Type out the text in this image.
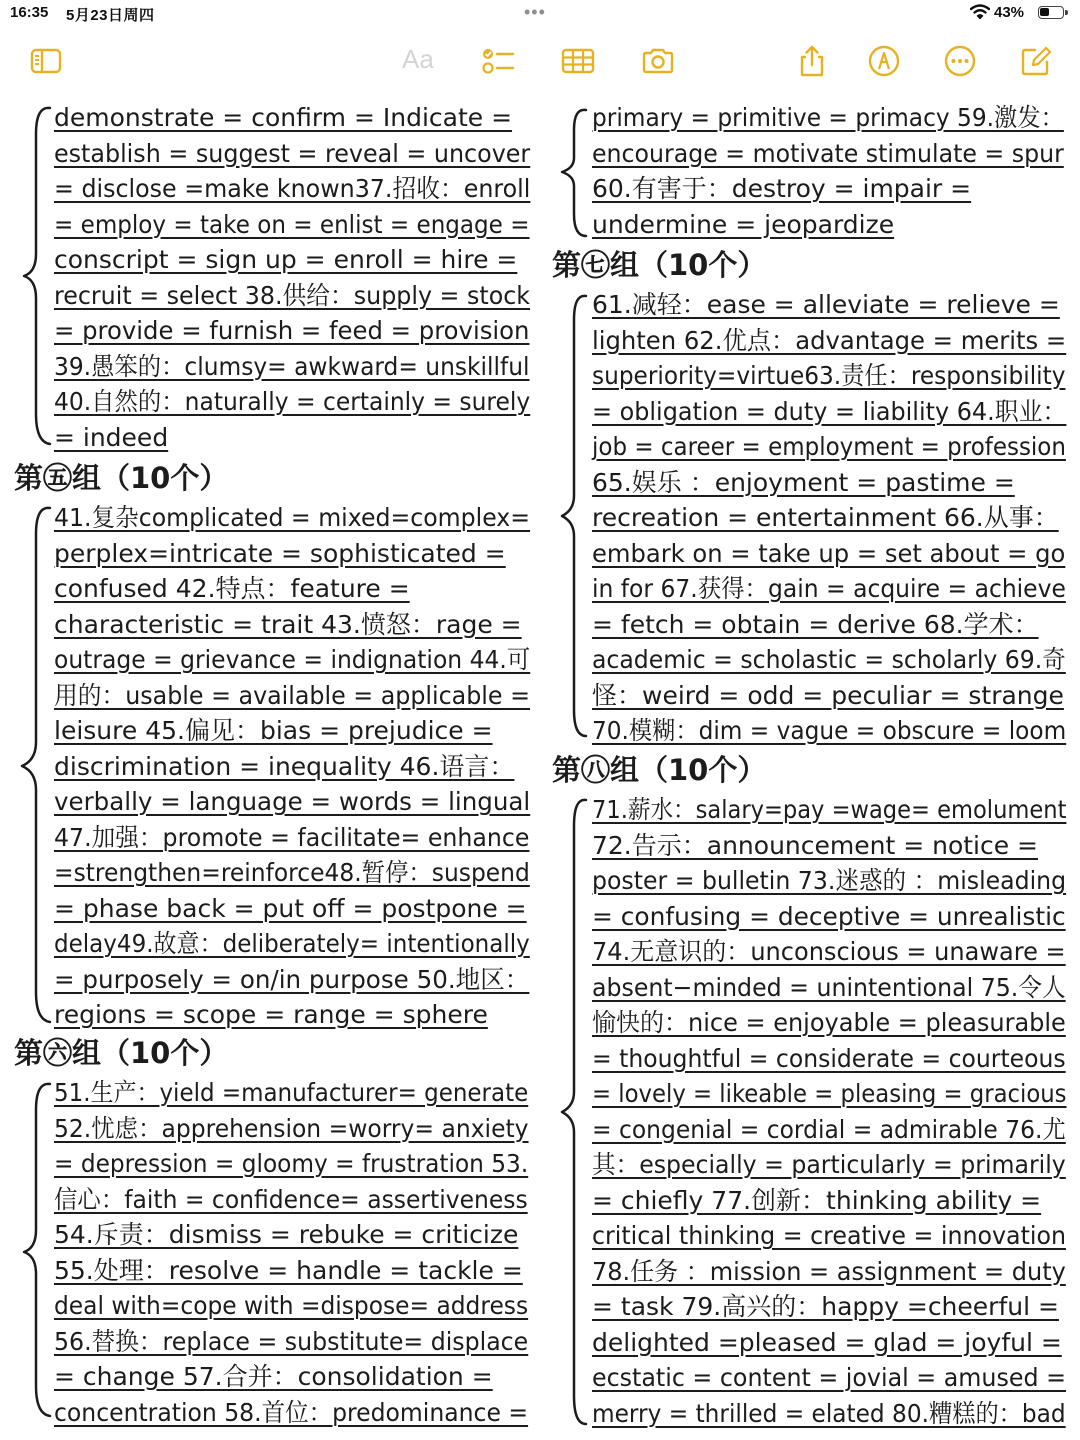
16:35 5月23日周四	•••	43%
Aa
demonstrate = confirm = Indicate =
establish = suggest = reveal = uncover
= disclose =make known37.招收：enroll
= employ = take on = enlist = engage =
conscript = sign up = enroll = hire =
recruit = select 38.供给：supply = stock
= provide = furnish = feed = provision
39.愚笨的：clumsy= awkward= unskillful
40.自然的：naturally = certainly = surely
= indeed
第㊄组（10个）
41.复杂complicated = mixed=complex=
perplex=intricate = sophisticated =
confused 42.特点：feature =
characteristic = trait 43.愤怒：rage =
outrage = grievance = indignation 44.可
用的：usable = available = applicable =
leisure 45.偏见：bias = prejudice =
discrimination = inequality 46.语言：
verbally = language = words = lingual
47.加强：promote = facilitate= enhance
=strengthen=reinforce48.暂停：suspend
= phase back = put off = postpone =
delay49.故意：deliberately= intentionally
= purposely = on/in purpose 50.地区：
regions = scope = range = sphere
第㊅组（10个）
51.生产：yield =manufacturer= generate
52.忧虑：apprehension =worry= anxiety
= depression = gloomy = frustration 53.
信心：faith = confidence= assertiveness
54.斥责：dismiss = rebuke = criticize
55.处理：resolve = handle = tackle =
deal with=cope with =dispose= address
56.替换：replace = substitute= displace
= change 57.合并：consolidation =
concentration 58.首位：predominance =
primary = primitive = primacy 59.激发：
encourage = motivate stimulate = spur
60.有害于：destroy = impair =
undermine = jeopardize
第㊆组（10个）
61.减轻：ease = alleviate = relieve =
lighten 62.优点：advantage = merits =
superiority=virtue63.责任：responsibility
= obligation = duty = liability 64.职业：
job = career = employment = profession
65.娱乐 ：enjoyment = pastime =
recreation = entertainment 66.从事：
embark on = take up = set about = go
in for 67.获得：gain = acquire = achieve
= fetch = obtain = derive 68.学术：
academic = scholastic = scholarly 69.奇
怪：weird = odd = peculiar = strange
70.模糊：dim = vague = obscure = loom
第㊇组（10个）
71.薪水：salary=pay =wage= emolument
72.告示：announcement = notice =
poster = bulletin 73.迷惑的 ：misleading
= confusing = deceptive = unrealistic
74.无意识的：unconscious = unaware =
absent−minded = unintentional 75.令人
愉快的：nice = enjoyable = pleasurable
= thoughtful = considerate = courteous
= lovely = likeable = pleasing = gracious
= congenial = cordial = admirable 76.尤
其：especially = particularly = primarily
= chiefly 77.创新：thinking ability =
critical thinking = creative = innovation
78.任务 ：mission = assignment = duty
= task 79.高兴的：happy =cheerful =
delighted =pleased = glad = joyful =
ecstatic = content = jovial = amused =
merry = thrilled = elated 80.糟糕的：bad
